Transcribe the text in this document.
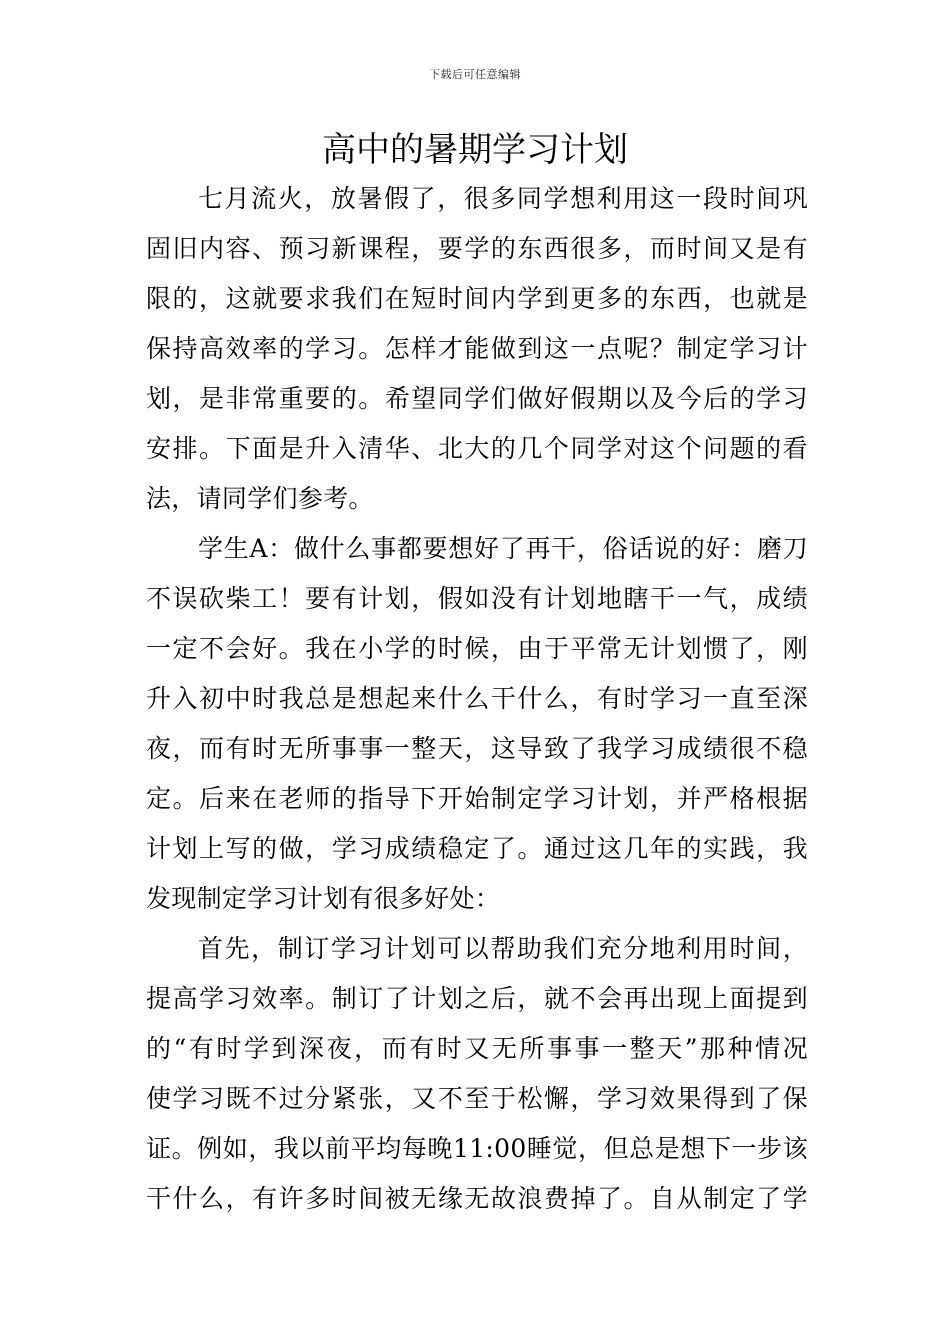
下载后可任意编辑
高中的暑期学习计划
七月流火，放暑假了，很多同学想利用这一段时间巩
固旧内容、预习新课程，要学的东西很多，而时间又是有
限的，这就要求我们在短时间内学到更多的东西，也就是
保持高效率的学习。怎样才能做到这一点呢？制定学习计
划，是非常重要的。希望同学们做好假期以及今后的学习
安排。下面是升入清华、北大的几个同学对这个问题的看
法，请同学们参考。
学生A：做什么事都要想好了再干，俗话说的好：磨刀
不误砍柴工！要有计划，假如没有计划地瞎干一气，成绩
一定不会好。我在小学的时候，由于平常无计划惯了，刚
升入初中时我总是想起来什么干什么，有时学习一直至深
夜，而有时无所事事一整天，这导致了我学习成绩很不稳
定。后来在老师的指导下开始制定学习计划，并严格根据
计划上写的做，学习成绩稳定了。通过这几年的实践，我
发现制定学习计划有很多好处：
首先，制订学习计划可以帮助我们充分地利用时间，
提高学习效率。制订了计划之后，就不会再出现上面提到
的“有时学到深夜，而有时又无所事事一整天”那种情况
使学习既不过分紧张，又不至于松懈，学习效果得到了保
证。例如，我以前平均每晚11:00睡觉，但总是想下一步该
干什么，有许多时间被无缘无故浪费掉了。自从制定了学
